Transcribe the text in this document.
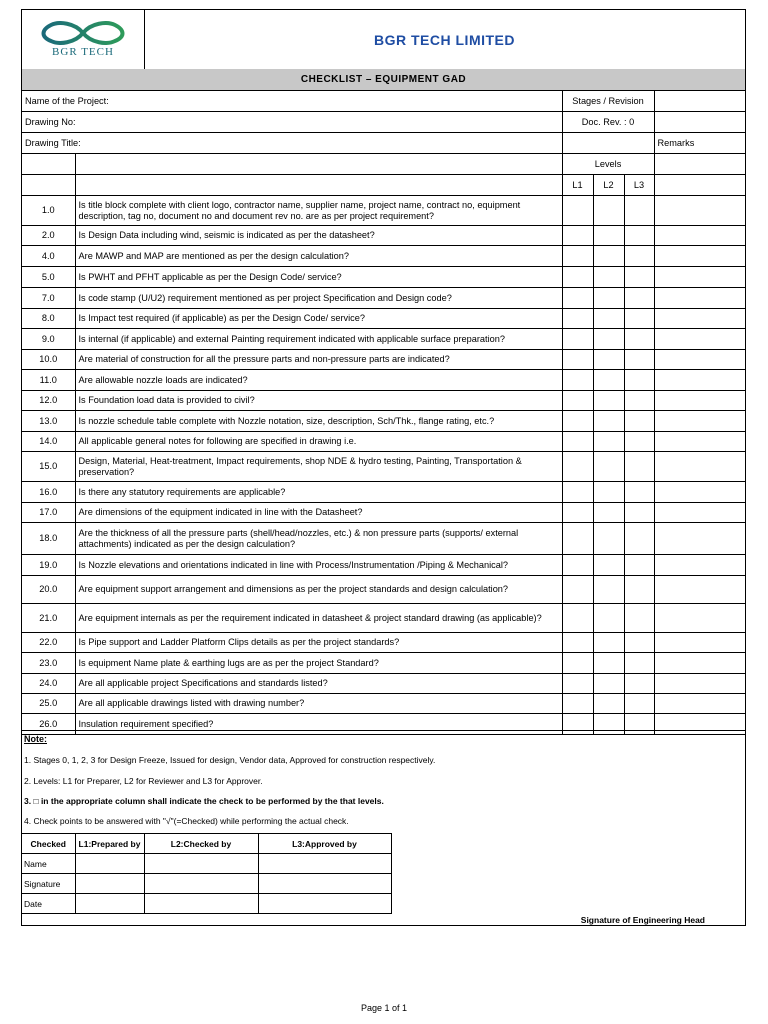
BGR TECH
BGR TECH LIMITED
CHECKLIST – EQUIPMENT GAD
Name of the Project:		Stages / Revision			
Drawing No:		Doc. Rev. : 0			
Drawing Title:					Remarks
		Levels			
		L1	L2	L3	
1.0	Is title block complete with client logo, contractor name, supplier name, project name, contract no, equipment description, tag no, document no and document rev no. are as per project requirement?				
2.0	Is Design Data including wind, seismic is indicated as per the datasheet?				
4.0	Are MAWP and MAP are mentioned as per the design calculation?				
5.0	Is PWHT and PFHT applicable as per the Design Code/ service?				
7.0	Is code stamp (U/U2) requirement mentioned as per project Specification and Design code?				
8.0	Is Impact test required (if applicable) as per the Design Code/ service?				
9.0	Is internal (if applicable) and external Painting requirement indicated with applicable surface preparation?				
10.0	Are material of construction for all the pressure parts and non-pressure parts are indicated?				
11.0	Are allowable nozzle loads are indicated?				
12.0	Is Foundation load data is provided to civil?				
13.0	Is nozzle schedule table complete with Nozzle notation, size, description, Sch/Thk., flange rating, etc.?				
14.0	All applicable general notes for following are specified in drawing i.e.				
15.0	Design, Material, Heat-treatment, Impact requirements, shop NDE & hydro testing, Painting, Transportation & preservation?				
16.0	Is there any statutory requirements are applicable?				
17.0	Are dimensions of the equipment indicated in line with the Datasheet?				
18.0	Are the thickness of all the pressure parts (shell/head/nozzles, etc.) & non pressure parts (supports/ external attachments) indicated as per the design calculation?				
19.0	Is Nozzle elevations and orientations indicated in line with Process/Instrumentation /Piping & Mechanical?				
20.0	Are equipment support arrangement and dimensions as per the project standards and design calculation?				
21.0	Are equipment internals as per the requirement indicated in datasheet & project standard drawing (as applicable)?				
22.0	Is Pipe support and Ladder Platform Clips details as per the project standards?				
23.0	Is equipment Name plate & earthing lugs are as per the project Standard?				
24.0	Are all applicable project Specifications and standards listed?				
25.0	Are all applicable drawings listed with drawing number?				
26.0	Insulation requirement specified?				
Note:
1. Stages 0, 1, 2, 3 for Design Freeze, Issued for design, Vendor data, Approved for construction respectively.
2. Levels: L1 for Preparer, L2 for Reviewer and L3 for Approver.
3. □ in the appropriate column shall indicate the check to be performed by the that levels.
4. Check points to be answered with "√"(=Checked) while performing the actual check.
Checked	L1:Prepared by	L2:Checked by	L3:Approved by
Name			
Signature			
Date			
Signature of Engineering Head
Page 1 of 1
